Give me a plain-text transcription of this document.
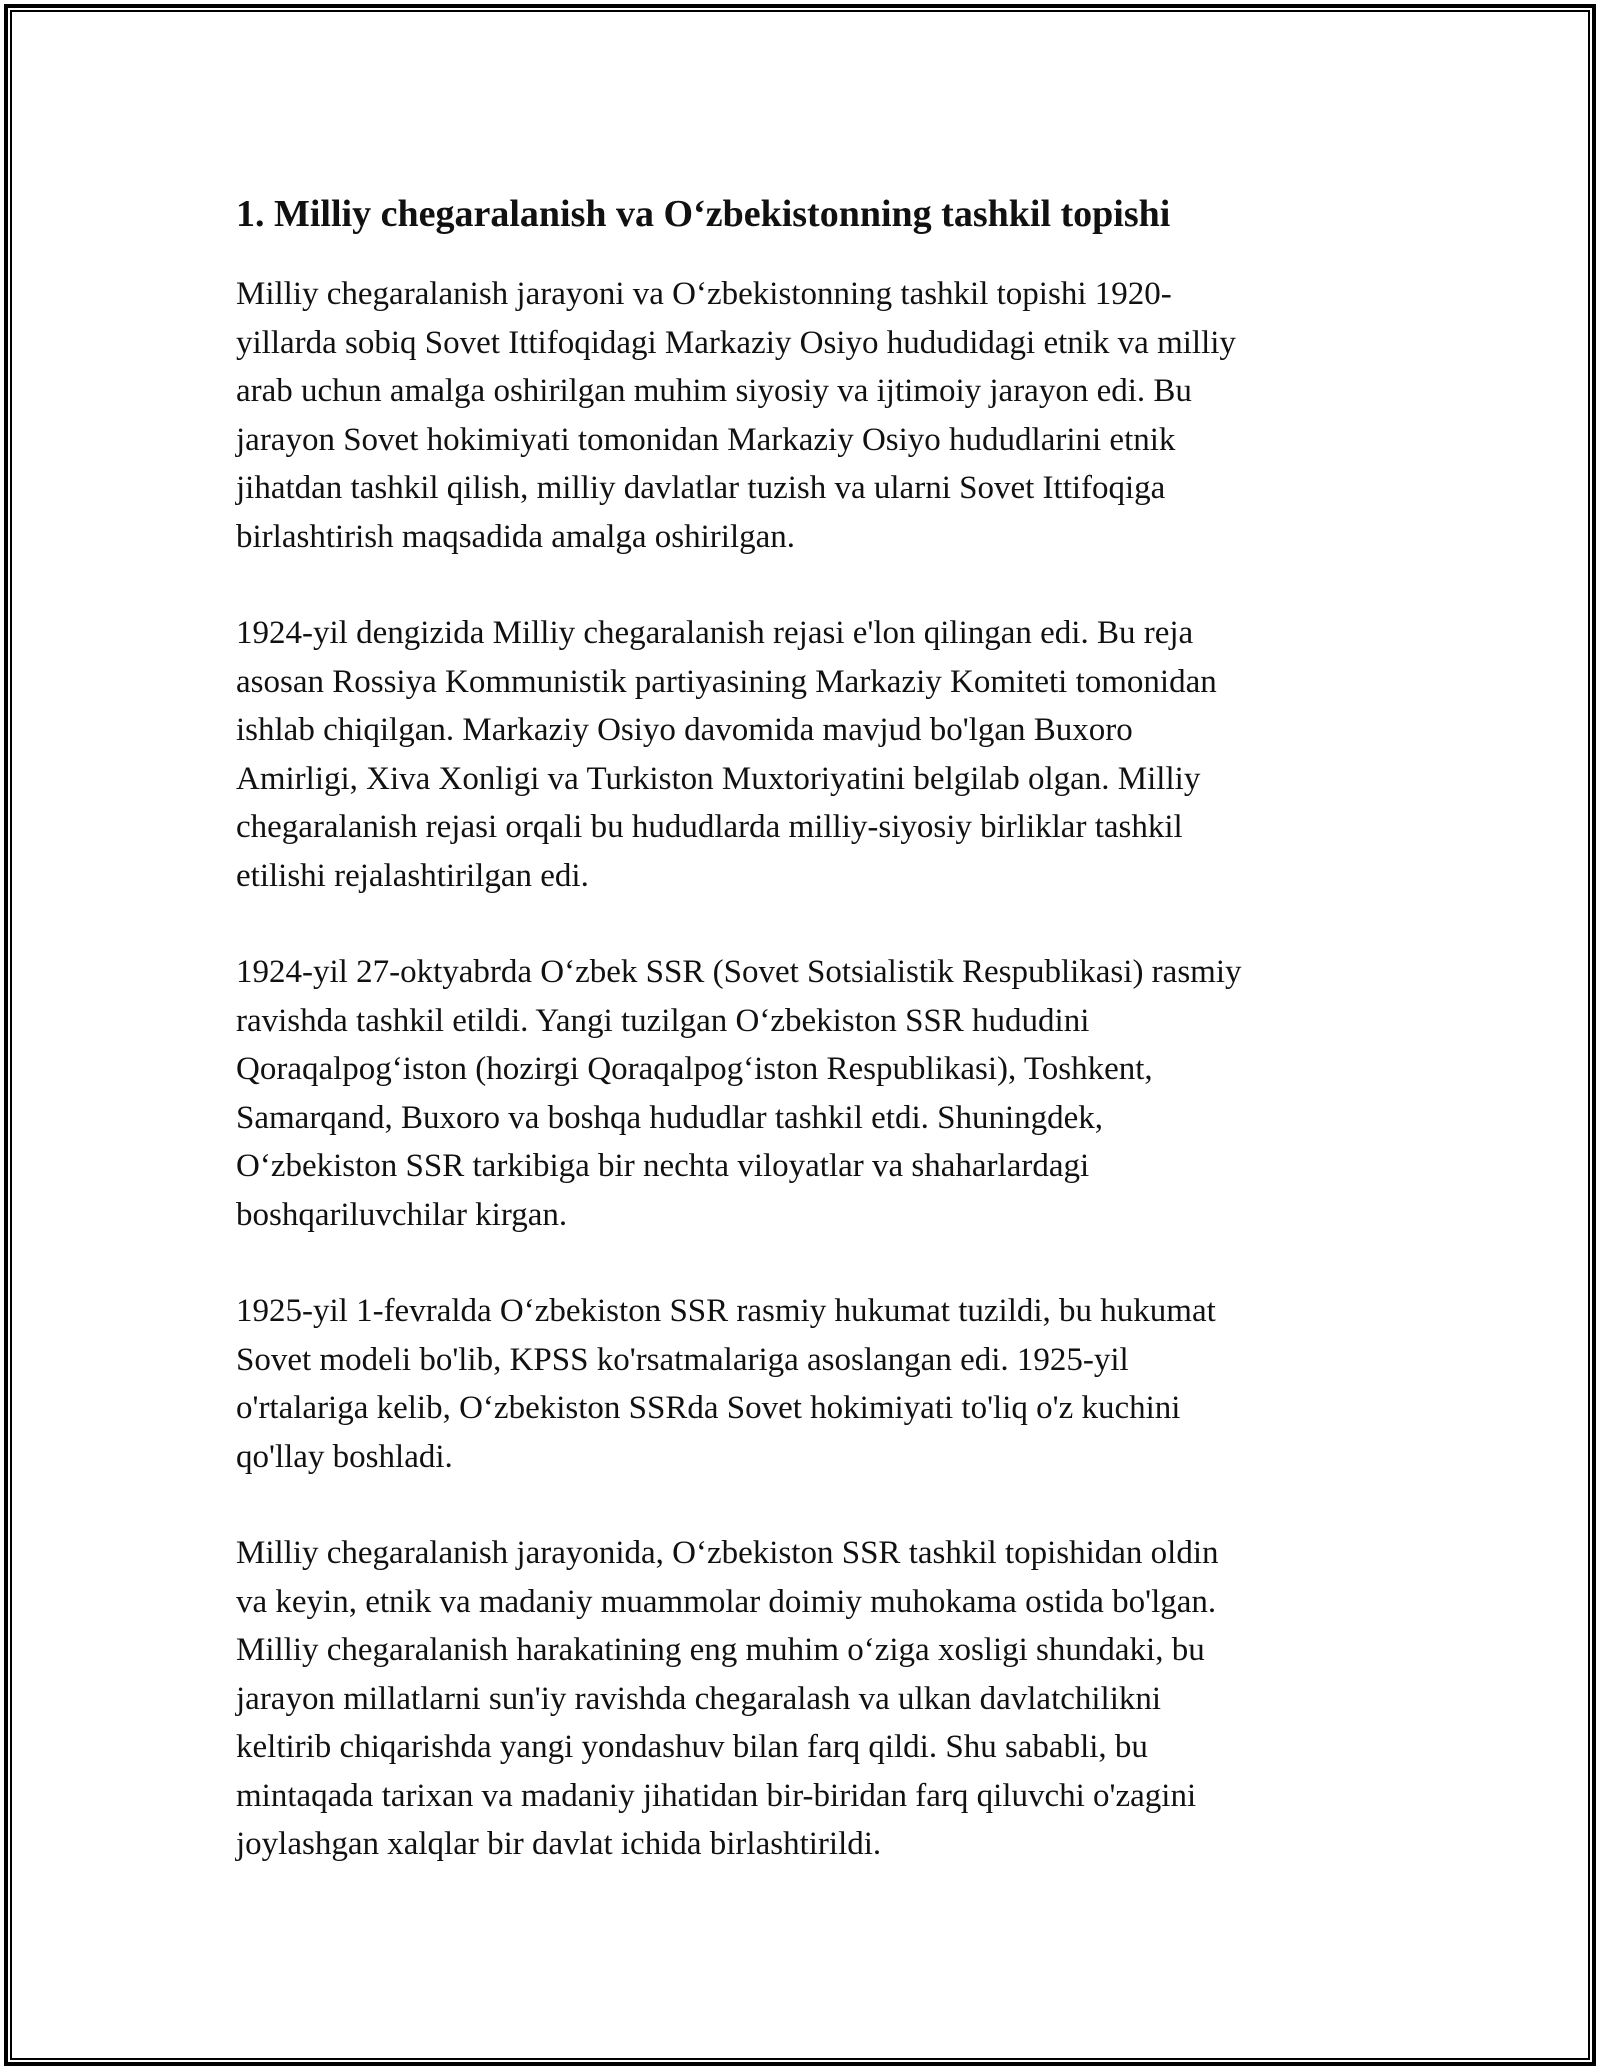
1. Milliy chegaralanish va O‘zbekistonning tashkil topishi

Milliy chegaralanish jarayoni va O‘zbekistonning tashkil topishi 1920-
yillarda sobiq Sovet Ittifoqidagi Markaziy Osiyo hududidagi etnik va milliy
arab uchun amalga oshirilgan muhim siyosiy va ijtimoiy jarayon edi. Bu
jarayon Sovet hokimiyati tomonidan Markaziy Osiyo hududlarini etnik
jihatdan tashkil qilish, milliy davlatlar tuzish va ularni Sovet Ittifoqiga
birlashtirish maqsadida amalga oshirilgan.

1924-yil dengizida Milliy chegaralanish rejasi e'lon qilingan edi. Bu reja
asosan Rossiya Kommunistik partiyasining Markaziy Komiteti tomonidan
ishlab chiqilgan. Markaziy Osiyo davomida mavjud bo'lgan Buxoro
Amirligi, Xiva Xonligi va Turkiston Muxtoriyatini belgilab olgan. Milliy
chegaralanish rejasi orqali bu hududlarda milliy-siyosiy birliklar tashkil
etilishi rejalashtirilgan edi.

1924-yil 27-oktyabrda O‘zbek SSR (Sovet Sotsialistik Respublikasi) rasmiy
ravishda tashkil etildi. Yangi tuzilgan O‘zbekiston SSR hududini
Qoraqalpog‘iston (hozirgi Qoraqalpog‘iston Respublikasi), Toshkent,
Samarqand, Buxoro va boshqa hududlar tashkil etdi. Shuningdek,
O‘zbekiston SSR tarkibiga bir nechta viloyatlar va shaharlardagi
boshqariluvchilar kirgan.

1925-yil 1-fevralda O‘zbekiston SSR rasmiy hukumat tuzildi, bu hukumat
Sovet modeli bo'lib, KPSS ko'rsatmalariga asoslangan edi. 1925-yil
o'rtalariga kelib, O‘zbekiston SSRda Sovet hokimiyati to'liq o'z kuchini
qo'llay boshladi.

Milliy chegaralanish jarayonida, O‘zbekiston SSR tashkil topishidan oldin
va keyin, etnik va madaniy muammolar doimiy muhokama ostida bo'lgan.
Milliy chegaralanish harakatining eng muhim o‘ziga xosligi shundaki, bu
jarayon millatlarni sun'iy ravishda chegaralash va ulkan davlatchilikni
keltirib chiqarishda yangi yondashuv bilan farq qildi. Shu sababli, bu
mintaqada tarixan va madaniy jihatidan bir-biridan farq qiluvchi o'zagini
joylashgan xalqlar bir davlat ichida birlashtirildi.
